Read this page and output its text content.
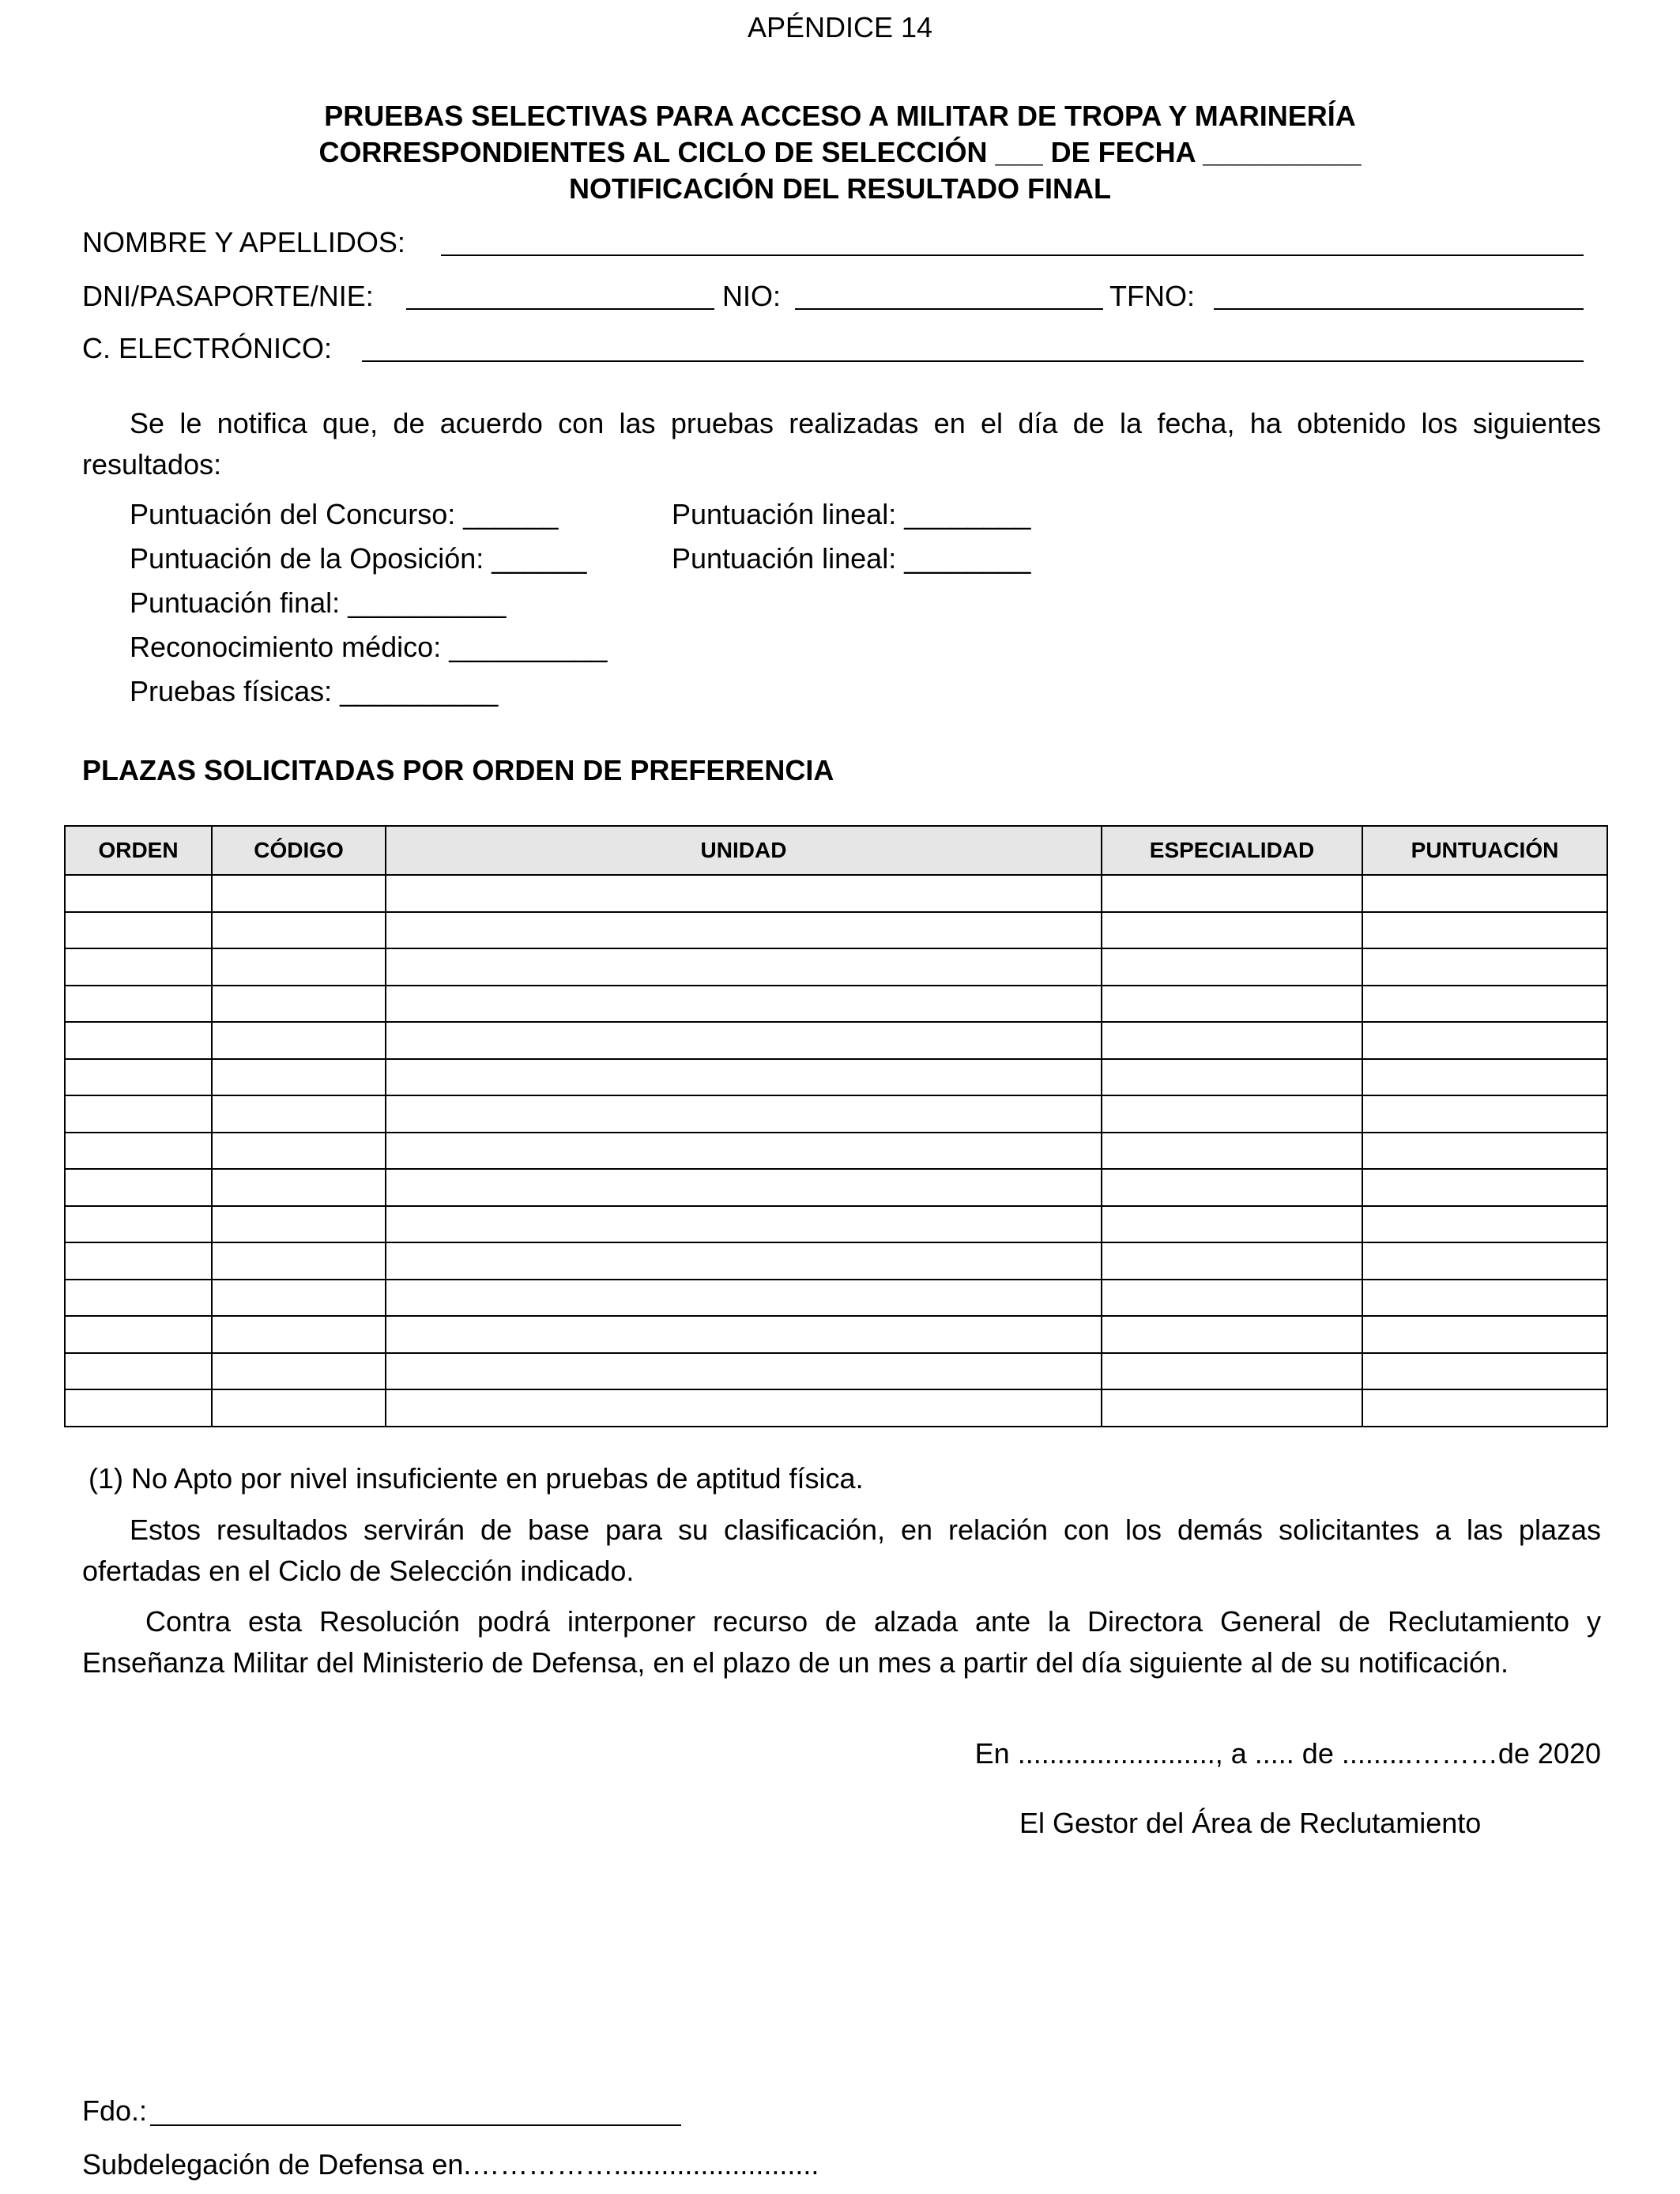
APÉNDICE 14
PRUEBAS SELECTIVAS PARA ACCESO A MILITAR DE TROPA Y MARINERÍA
CORRESPONDIENTES AL CICLO DE SELECCIÓN ___ DE FECHA __________
NOTIFICACIÓN DEL RESULTADO FINAL
NOMBRE Y APELLIDOS:
DNI/PASAPORTE/NIE:	NIO:	TFNO:
C. ELECTRÓNICO:
Se le notifica que, de acuerdo con las pruebas realizadas en el día de la fecha, ha obtenido los siguientes resultados:
Puntuación del Concurso: ______	Puntuación lineal: ________
Puntuación de la Oposición: ______	Puntuación lineal: ________
Puntuación final: __________
Reconocimiento médico: __________
Pruebas físicas: __________
PLAZAS SOLICITADAS POR ORDEN DE PREFERENCIA
ORDEN	CÓDIGO	UNIDAD	ESPECIALIDAD	PUNTUACIÓN

(1) No Apto por nivel insuficiente en pruebas de aptitud física.
Estos resultados servirán de base para su clasificación, en relación con los demás solicitantes a las plazas ofertadas en el Ciclo de Selección indicado.
Contra esta Resolución podrá interponer recurso de alzada ante la Directora General de Reclutamiento y Enseñanza Militar del Ministerio de Defensa, en el plazo de un mes a partir del día siguiente al de su notificación.
En ........................., a ..... de .........………de 2020
El Gestor del Área de Reclutamiento
Fdo.:
Subdelegación de Defensa en.……………..........................
